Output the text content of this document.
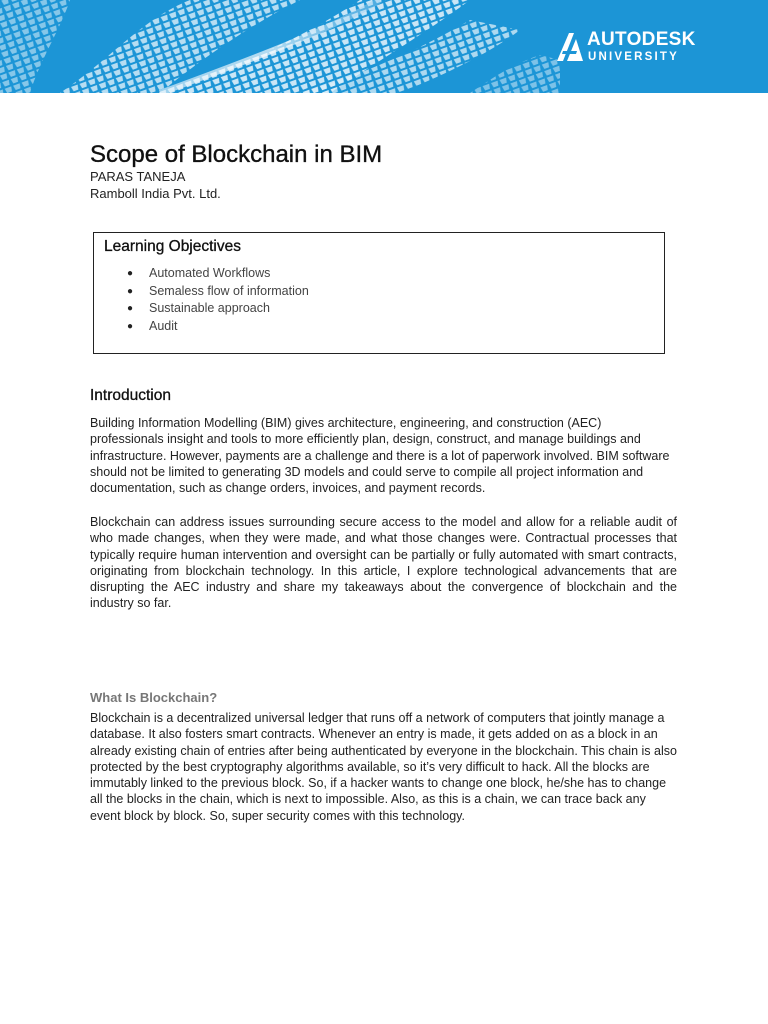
AUTODESK
UNIVERSITY
Scope of Blockchain in BIM

PARAS TANEJA

Ramboll India Pvt. Ltd.

Learning Objectives
● Automated Workflows
● Semaless flow of information
● Sustainable approach
● Audit
Introduction

Building Information Modelling (BIM) gives architecture, engineering, and construction (AEC) professionals insight and tools to more efficiently plan, design, construct, and manage buildings and infrastructure. However, payments are a challenge and there is a lot of paperwork involved. BIM software should not be limited to generating 3D models and could serve to compile all project information and documentation, such as change orders, invoices, and payment records.

Blockchain can address issues surrounding secure access to the model and allow for a reliable audit of who made changes, when they were made, and what those changes were. Contractual processes that typically require human intervention and oversight can be partially or fully automated with smart contracts, originating from blockchain technology. In this article, I explore technological advancements that are disrupting the AEC industry and share my takeaways about the convergence of blockchain and the industry so far.

What Is Blockchain?

Blockchain is a decentralized universal ledger that runs off a network of computers that jointly manage a database. It also fosters smart contracts. Whenever an entry is made, it gets added on as a block in an already existing chain of entries after being authenticated by everyone in the blockchain. This chain is also protected by the best cryptography algorithms available, so it’s very difficult to hack. All the blocks are immutably linked to the previous block. So, if a hacker wants to change one block, he/she has to change all the blocks in the chain, which is next to impossible. Also, as this is a chain, we can trace back any event block by block. So, super security comes with this technology.
